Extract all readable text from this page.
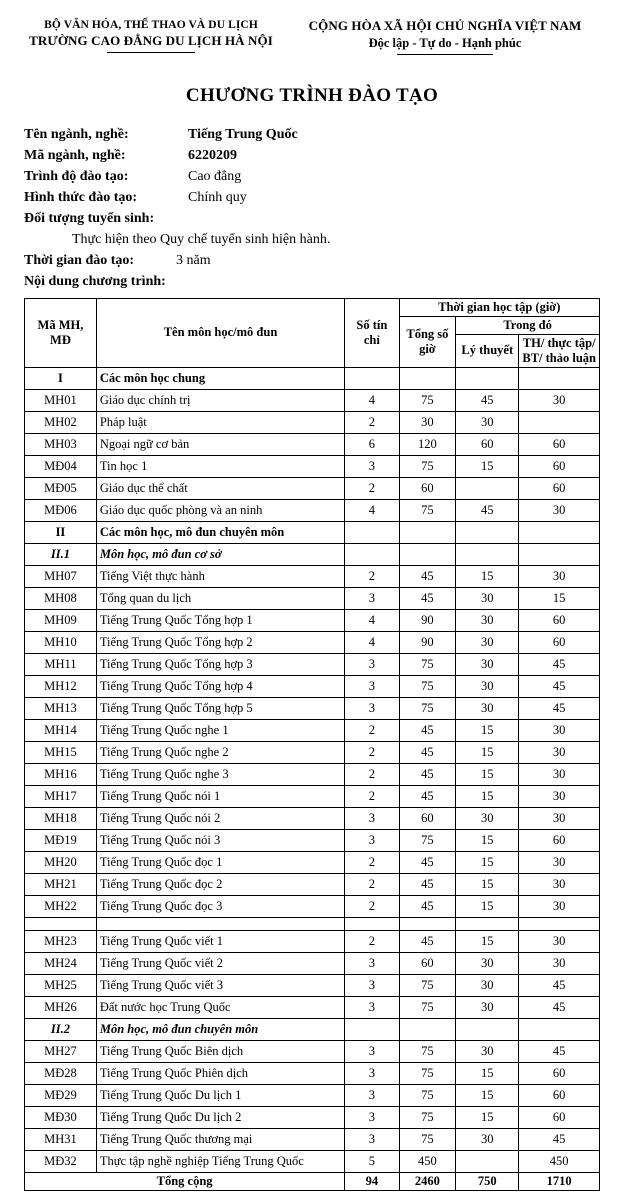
BỘ VĂN HÓA, THỂ THAO VÀ DU LỊCH
TRƯỜNG CAO ĐẲNG DU LỊCH HÀ NỘI
CỘNG HÒA XÃ HỘI CHỦ NGHĨA VIỆT NAM
Độc lập - Tự do - Hạnh phúc
CHƯƠNG TRÌNH ĐÀO TẠO
Tên ngành, nghề:	Tiếng Trung Quốc
Mã ngành, nghề:	6220209
Trình độ đào tạo:	Cao đẳng
Hình thức đào tạo:	Chính quy
Đối tượng tuyển sinh:
Thực hiện theo Quy chế tuyển sinh hiện hành.
Thời gian đào tạo:	3 năm
Nội dung chương trình:
Mã MH, MĐ	Tên môn học/mô đun	Số tín chỉ	Thời gian học tập (giờ)		
			Tổng số giờ	Trong đó	
				Lý thuyết	TH/ thực tập/ BT/ thảo luận
I	Các môn học chung				
MH01	Giáo dục chính trị	4	75	45	30
MH02	Pháp luật	2	30	30	
MH03	Ngoại ngữ cơ bản	6	120	60	60
MĐ04	Tin học 1	3	75	15	60
MĐ05	Giáo dục thể chất	2	60		60
MĐ06	Giáo dục quốc phòng và an ninh	4	75	45	30
II	Các môn học, mô đun chuyên môn				
II.1	Môn học, mô đun cơ sở				
MH07	Tiếng Việt thực hành	2	45	15	30
MH08	Tổng quan du lịch	3	45	30	15
MH09	Tiếng Trung Quốc Tổng hợp 1	4	90	30	60
MH10	Tiếng Trung Quốc Tổng hợp 2	4	90	30	60
MH11	Tiếng Trung Quốc Tổng hợp 3	3	75	30	45
MH12	Tiếng Trung Quốc Tổng hợp 4	3	75	30	45
MH13	Tiếng Trung Quốc Tổng hợp 5	3	75	30	45
MH14	Tiếng Trung Quốc nghe 1	2	45	15	30
MH15	Tiếng Trung Quốc nghe 2	2	45	15	30
MH16	Tiếng Trung Quốc nghe 3	2	45	15	30
MH17	Tiếng Trung Quốc nói 1	2	45	15	30
MH18	Tiếng Trung Quốc nói 2	3	60	30	30
MĐ19	Tiếng Trung Quốc nói 3	3	75	15	60
MH20	Tiếng Trung Quốc đọc 1	2	45	15	30
MH21	Tiếng Trung Quốc đọc 2	2	45	15	30
MH22	Tiếng Trung Quốc đọc 3	2	45	15	30

MH23	Tiếng Trung Quốc viết 1	2	45	15	30
MH24	Tiếng Trung Quốc viết 2	3	60	30	30
MH25	Tiếng Trung Quốc viết 3	3	75	30	45
MH26	Đất nước học Trung Quốc	3	75	30	45
II.2	Môn học, mô đun chuyên môn				
MH27	Tiếng Trung Quốc Biên dịch	3	75	30	45
MĐ28	Tiếng Trung Quốc Phiên dịch	3	75	15	60
MĐ29	Tiếng Trung Quốc Du lịch 1	3	75	15	60
MĐ30	Tiếng Trung Quốc Du lịch 2	3	75	15	60
MH31	Tiếng Trung Quốc thương mại	3	75	30	45
MĐ32	Thực tập nghề nghiệp Tiếng Trung Quốc	5	450		450
Tổng cộng		94	2460	750	1710
